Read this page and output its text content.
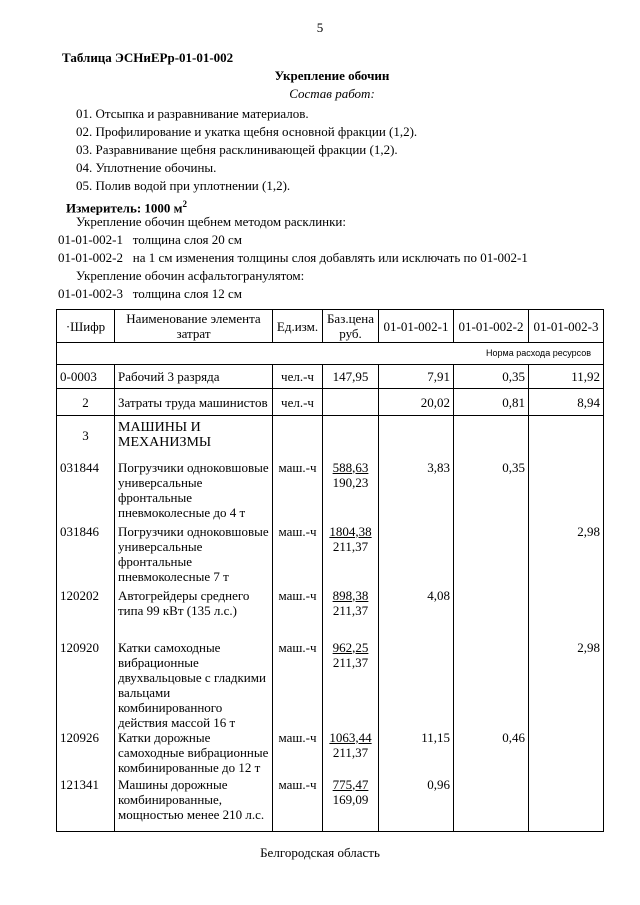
5
Таблица ЭСНиЕРр-01-01-002
Укрепление обочин
Состав работ:
01. Отсыпка и разравнивание материалов.
02. Профилирование и укатка щебня основной фракции (1,2).
03. Разравнивание щебня расклинивающей фракции (1,2).
04. Уплотнение обочины.
05. Полив водой при уплотнении (1,2).
Измеритель: 1000 $м^2$
Укрепление обочин щебнем методом расклинки:
01-01-002-1 толщина слоя 20 см
01-01-002-2 на 1 см изменения толщины слоя добавлять или исключать по 01-002-1
Укрепление обочин асфальтогранулятом:
01-01-002-3 толщина слоя 12 см
·Шифр	Наименование элемента затрат	Ед.изм.	Баз.цена руб.	01-01-002-1	01-01-002-2	01-01-002-3
Норма расхода ресурсов						
0-0003	Рабочий 3 разряда	чел.-ч	147,95	7,91	0,35	11,92
2	Затраты труда машинистов	чел.-ч		20,02	0,81	8,94
3	МАШИНЫ И МЕХАНИЗМЫ					
031844	Погрузчики одноковшовые универсальные фронтальные пневмоколесные до 4 т	маш.-ч	588,63
190,23	3,83	0,35	
031846	Погрузчики одноковшовые универсальные фронтальные пневмоколесные 7 т	маш.-ч	1804,38
211,37			2,98
120202	Автогрейдеры среднего типа 99 кВт (135 л.с.)	маш.-ч	898,38
211,37	4,08		
120920	Катки самоходные вибрационные двухвальцовые с гладкими вальцами комбинированного действия массой 16 т	маш.-ч	962,25
211,37			2,98
120926	Катки дорожные самоходные вибрационные комбинированные до 12 т	маш.-ч	1063,44
211,37	11,15	0,46	
121341	Машины дорожные комбинированные, мощностью менее 210 л.с.	маш.-ч	775,47
169,09	0,96		
Белгородская область
